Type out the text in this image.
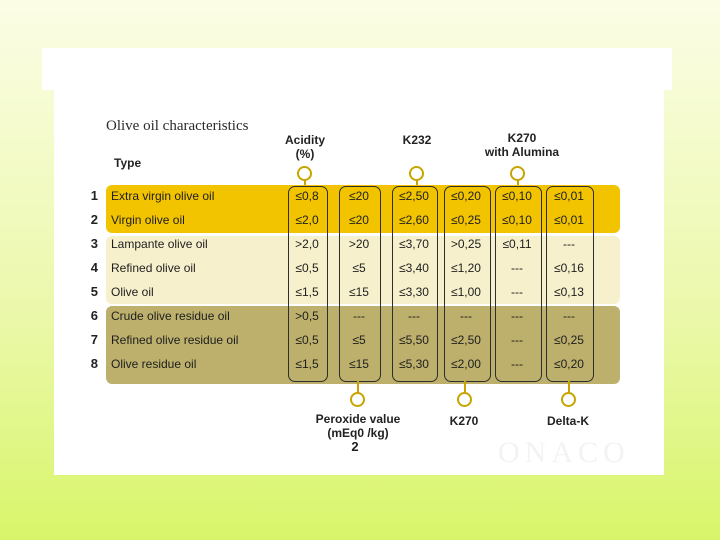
Olive oil characteristics
Acidity
(%)
K232	K270
with Alumina
Type
1 Extra virgin olive oil	≤0,8	≤20	≤2,50	≤0,20	≤0,10	≤0,01
2 Virgin olive oil	≤2,0	≤20	≤2,60	≤0,25	≤0,10	≤0,01
3 Lampante olive oil	>2,0	>20	≤3,70	>0,25	≤0,11	---
4 Refined olive oil	≤0,5	≤5	≤3,40	≤1,20	---	≤0,16
5 Olive oil	≤1,5	≤15	≤3,30	≤1,00	---	≤0,13
6 Crude olive residue oil	>0,5	---	---	---	---	---
7 Refined olive residue oil	≤0,5	≤5	≤5,50	≤2,50	---	≤0,25
8 Olive residue oil	≤1,5	≤15	≤5,30	≤2,00	---	≤0,20
Peroxide value
(mEq0 /kg)
2
K270	Delta-K
ONACO
